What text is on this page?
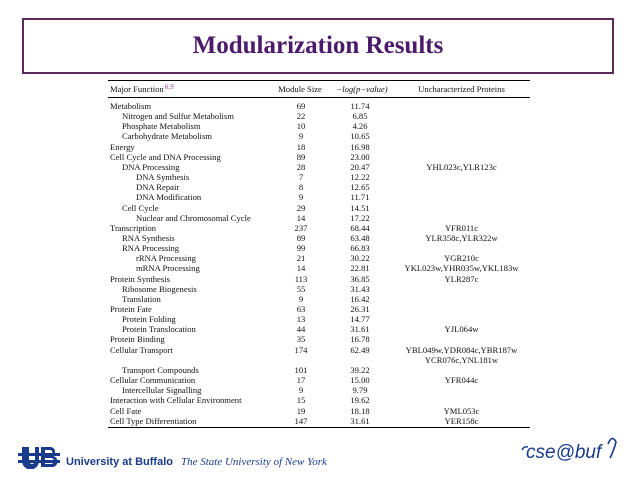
Modularization Results
Major Function 6,9	Module Size	−log(p−value)	Uncharacterized Proteins
Metabolism	69	11.74
Nitrogen and Sulfur Metabolism	22	6.85
Phosphate Metabolism	10	4.26
Carbohydrate Metabolism	9	10.65
Energy	18	16.98
Cell Cycle and DNA Processing	89	23.00
DNA Processing	28	20.47	YHL023c,YLR123c
DNA Synthesis	7	12.22
DNA Repair	8	12.65
DNA Modification	9	11.71
Cell Cycle	29	14.51
Nuclear and Chromosomal Cycle	14	17.22
Transcription	237	68.44	YFR011c
RNA Synthesis	89	63.48	YLR358c,YLR322w
RNA Processing	99	66.83
rRNA Processing	21	30.22	YGR210c
mRNA Processing	14	22.81	YKL023w,YHR035w,YKL183w
Protein Synthesis	113	36.85	YLR287c
Ribosome Biogenesis	55	31.43
Translation	9	16.42
Protein Fate	63	26.31
Protein Folding	13	14.77
Protein Translocation	44	31.61	YJL064w
Protein Binding	35	16.78
Cellular Transport	174	62.49	YBL049w,YDR084c,YBR187w
YCR076c,YNL181w
Transport Compounds	101	39.22
Cellular Communication	17	15.00	YFR044c
Intercellular Signalling	9	9.79
Interaction with Cellular Environment	15	19.62
Cell Fate	19	18.18	YML053c
Cell Type Differentiation	147	31.61	YER158c
University at Buffalo The State University of New York	cse@buf
